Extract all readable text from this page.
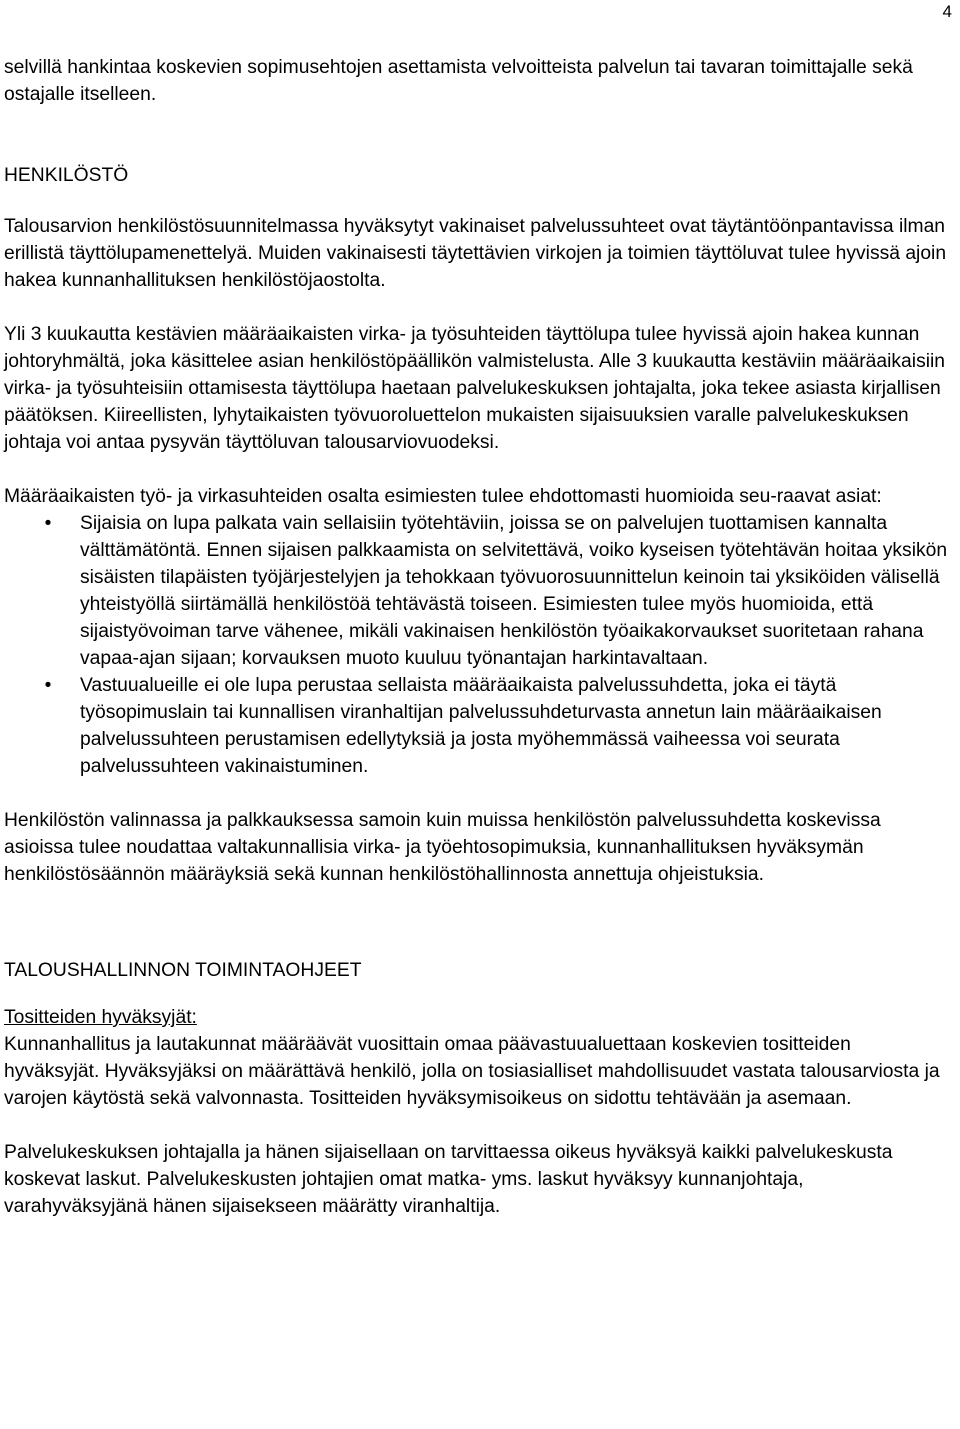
4

selvillä hankintaa koskevien sopimusehtojen asettamista velvoitteista palvelun tai tavaran toimittajalle sekä ostajalle itselleen.

HENKILÖSTÖ

Talousarvion henkilöstösuunnitelmassa hyväksytyt vakinaiset palvelussuhteet ovat täytäntöönpantavissa ilman erillistä täyttölupamenettelyä. Muiden vakinaisesti täytettävien virkojen ja toimien täyttöluvat tulee hyvissä ajoin hakea kunnanhallituksen henkilöstöjaostolta.

Yli 3 kuukautta kestävien määräaikaisten virka- ja työsuhteiden täyttölupa tulee hyvissä ajoin hakea kunnan johtoryhmältä, joka käsittelee asian henkilöstöpäällikön valmistelusta. Alle 3 kuukautta kestäviin määräaikaisiin virka- ja työsuhteisiin ottamisesta täyttölupa haetaan palvelukeskuksen johtajalta, joka tekee asiasta kirjallisen päätöksen. Kiireellisten, lyhytaikaisten työvuoroluettelon mukaisten sijaisuuksien varalle palvelukeskuksen johtaja voi antaa pysyvän täyttöluvan talousarviovuodeksi.

Määräaikaisten työ- ja virkasuhteiden osalta esimiesten tulee ehdottomasti huomioida seu-raavat asiat:

•	Sijaisia on lupa palkata vain sellaisiin työtehtäviin, joissa se on palvelujen tuottamisen kannalta välttämätöntä. Ennen sijaisen palkkaamista on selvitettävä, voiko kyseisen työtehtävän hoitaa yksikön sisäisten tilapäisten työjärjestelyjen ja tehokkaan työvuorosuunnittelun keinoin tai yksiköiden välisellä yhteistyöllä siirtämällä henkilöstöä tehtävästä toiseen. Esimiesten tulee myös huomioida, että sijaistyövoiman tarve vähenee, mikäli vakinaisen henkilöstön työaikakorvaukset suoritetaan rahana vapaa-ajan sijaan; korvauksen muoto kuuluu työnantajan harkintavaltaan.
•	Vastuualueille ei ole lupa perustaa sellaista määräaikaista palvelussuhdetta, joka ei täytä työsopimuslain tai kunnallisen viranhaltijan palvelussuhdeturvasta annetun lain määräaikaisen palvelussuhteen perustamisen edellytyksiä ja josta myöhemmässä vaiheessa voi seurata palvelussuhteen vakinaistuminen.

Henkilöstön valinnassa ja palkkauksessa samoin kuin muissa henkilöstön palvelussuhdetta koskevissa asioissa tulee noudattaa valtakunnallisia virka- ja työehtosopimuksia, kunnanhallituksen hyväksymän henkilöstösäännön määräyksiä sekä kunnan henkilöstöhallinnosta annettuja ohjeistuksia.

TALOUSHALLINNON TOIMINTAOHJEET

Tositteiden hyväksyjät:

Kunnanhallitus ja lautakunnat määräävät vuosittain omaa päävastuualuettaan koskevien tositteiden hyväksyjät. Hyväksyjäksi on määrättävä henkilö, jolla on tosiasialliset mahdollisuudet vastata talousarviosta ja varojen käytöstä sekä valvonnasta. Tositteiden hyväksymisoikeus on sidottu tehtävään ja asemaan.

Palvelukeskuksen johtajalla ja hänen sijaisellaan on tarvittaessa oikeus hyväksyä kaikki palvelukeskusta koskevat laskut. Palvelukeskusten johtajien omat matka- yms. laskut hyväksyy kunnanjohtaja, varahyväksyjänä hänen sijaisekseen määrätty viranhaltija.
